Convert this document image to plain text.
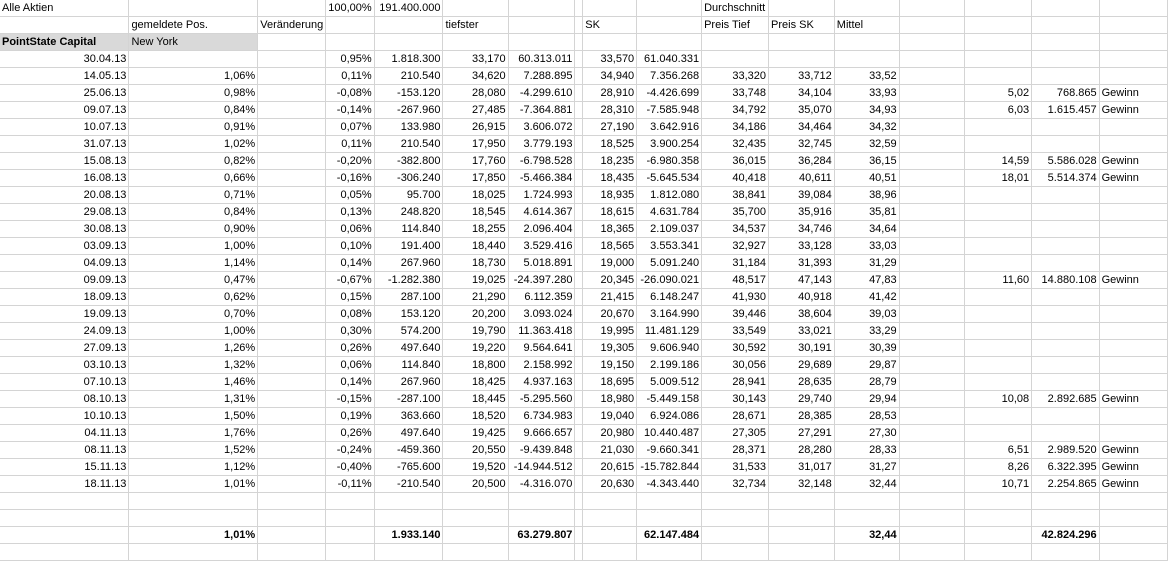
Alle Aktien			100,00%	191.400.000						Durchschnitt						
	gemeldete Pos.	Veränderung			tiefster			SK		Preis Tief	Preis SK	Mittel				
PointState Capital	New York															
30.04.13			0,95%	1.818.300	33,170	60.313.011		33,570	61.040.331							
14.05.13	1,06%		0,11%	210.540	34,620	7.288.895		34,940	7.356.268	33,320	33,712	33,52				
25.06.13	0,98%		-0,08%	-153.120	28,080	-4.299.610		28,910	-4.426.699	33,748	34,104	33,93		5,02	768.865	Gewinn
09.07.13	0,84%		-0,14%	-267.960	27,485	-7.364.881		28,310	-7.585.948	34,792	35,070	34,93		6,03	1.615.457	Gewinn
10.07.13	0,91%		0,07%	133.980	26,915	3.606.072		27,190	3.642.916	34,186	34,464	34,32				
31.07.13	1,02%		0,11%	210.540	17,950	3.779.193		18,525	3.900.254	32,435	32,745	32,59				
15.08.13	0,82%		-0,20%	-382.800	17,760	-6.798.528		18,235	-6.980.358	36,015	36,284	36,15		14,59	5.586.028	Gewinn
16.08.13	0,66%		-0,16%	-306.240	17,850	-5.466.384		18,435	-5.645.534	40,418	40,611	40,51		18,01	5.514.374	Gewinn
20.08.13	0,71%		0,05%	95.700	18,025	1.724.993		18,935	1.812.080	38,841	39,084	38,96				
29.08.13	0,84%		0,13%	248.820	18,545	4.614.367		18,615	4.631.784	35,700	35,916	35,81				
30.08.13	0,90%		0,06%	114.840	18,255	2.096.404		18,365	2.109.037	34,537	34,746	34,64				
03.09.13	1,00%		0,10%	191.400	18,440	3.529.416		18,565	3.553.341	32,927	33,128	33,03				
04.09.13	1,14%		0,14%	267.960	18,730	5.018.891		19,000	5.091.240	31,184	31,393	31,29				
09.09.13	0,47%		-0,67%	-1.282.380	19,025	-24.397.280		20,345	-26.090.021	48,517	47,143	47,83		11,60	14.880.108	Gewinn
18.09.13	0,62%		0,15%	287.100	21,290	6.112.359		21,415	6.148.247	41,930	40,918	41,42				
19.09.13	0,70%		0,08%	153.120	20,200	3.093.024		20,670	3.164.990	39,446	38,604	39,03				
24.09.13	1,00%		0,30%	574.200	19,790	11.363.418		19,995	11.481.129	33,549	33,021	33,29				
27.09.13	1,26%		0,26%	497.640	19,220	9.564.641		19,305	9.606.940	30,592	30,191	30,39				
03.10.13	1,32%		0,06%	114.840	18,800	2.158.992		19,150	2.199.186	30,056	29,689	29,87				
07.10.13	1,46%		0,14%	267.960	18,425	4.937.163		18,695	5.009.512	28,941	28,635	28,79				
08.10.13	1,31%		-0,15%	-287.100	18,445	-5.295.560		18,980	-5.449.158	30,143	29,740	29,94		10,08	2.892.685	Gewinn
10.10.13	1,50%		0,19%	363.660	18,520	6.734.983		19,040	6.924.086	28,671	28,385	28,53				
04.11.13	1,76%		0,26%	497.640	19,425	9.666.657		20,980	10.440.487	27,305	27,291	27,30				
08.11.13	1,52%		-0,24%	-459.360	20,550	-9.439.848		21,030	-9.660.341	28,371	28,280	28,33		6,51	2.989.520	Gewinn
15.11.13	1,12%		-0,40%	-765.600	19,520	-14.944.512		20,615	-15.782.844	31,533	31,017	31,27		8,26	6.322.395	Gewinn
18.11.13	1,01%		-0,11%	-210.540	20,500	-4.316.070		20,630	-4.343.440	32,734	32,148	32,44		10,71	2.254.865	Gewinn

	1,01%			1.933.140		63.279.807			62.147.484			32,44			42.824.296	
